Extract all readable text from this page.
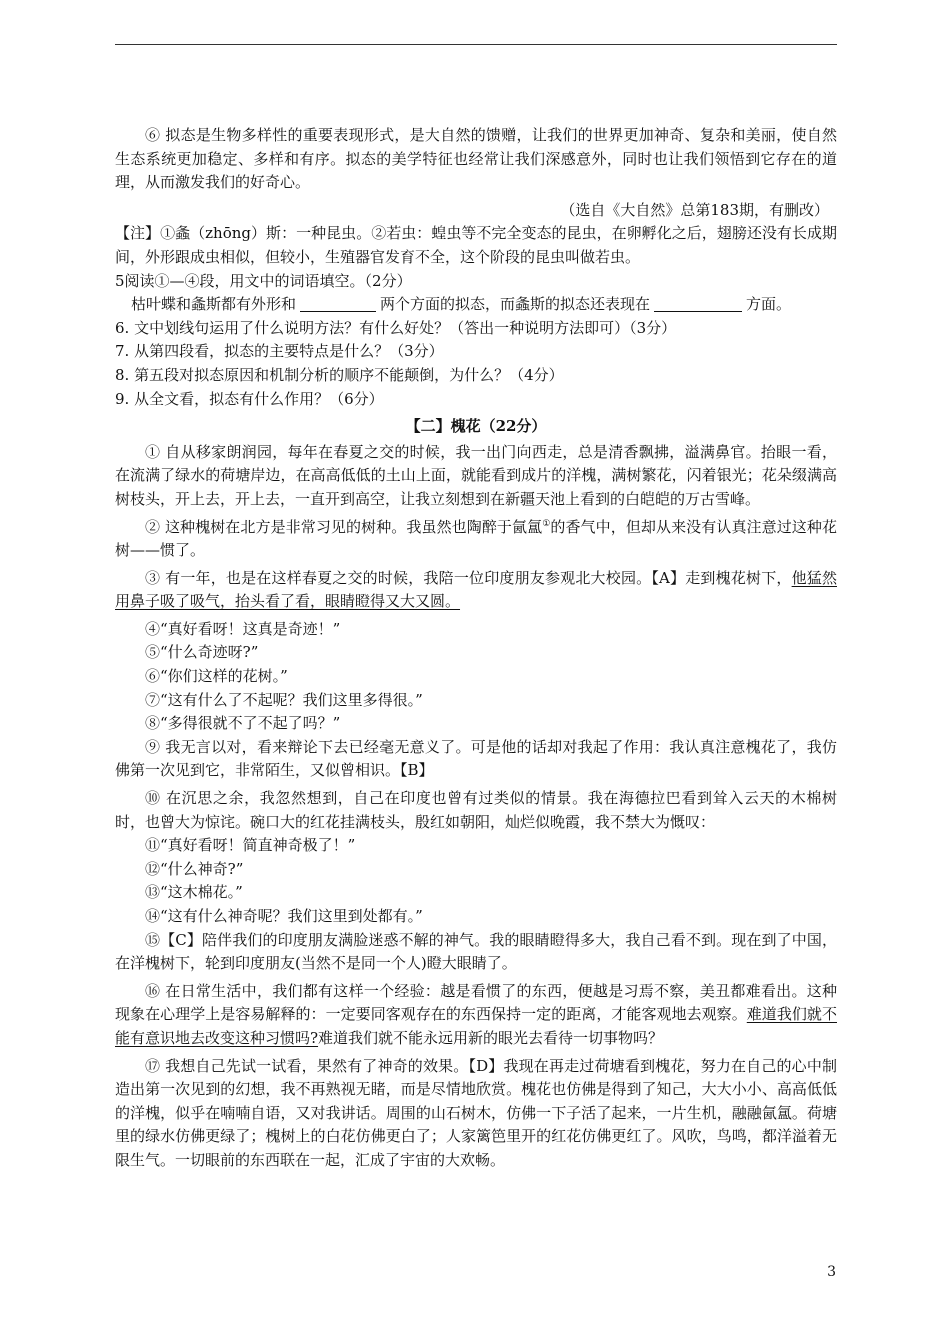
⑥ 拟态是生物多样性的重要表现形式，是大自然的馈赠，让我们的世界更加神奇、复杂和美丽，使自然生态系统更加稳定、多样和有序。拟态的美学特征也经常让我们深感意外，同时也让我们领悟到它存在的道理，从而激发我们的好奇心。

（选自《大自然》总第183期，有删改）

【注】①螽（zhōng）斯：一种昆虫。②若虫：蝗虫等不完全变态的昆虫，在卵孵化之后，翅膀还没有长成期间，外形跟成虫相似，但较小，生殖器官发育不全，这个阶段的昆虫叫做若虫。

5阅读①—④段，用文中的词语填空。（2分）

枯叶蝶和螽斯都有外形和	两个方面的拟态，而螽斯的拟态还表现在	方面。

6. 文中划线句运用了什么说明方法？有什么好处？（答出一种说明方法即可）（3分）

7. 从第四段看，拟态的主要特点是什么？（3分）

8. 第五段对拟态原因和机制分析的顺序不能颠倒，为什么？（4分）

9. 从全文看，拟态有什么作用？（6分）

【二】槐花（22分）

① 自从移家朗润园，每年在春夏之交的时候，我一出门向西走，总是清香飘拂，溢满鼻官。抬眼一看，在流满了绿水的荷塘岸边，在高高低低的土山上面，就能看到成片的洋槐，满树繁花，闪着银光；花朵缀满高树枝头，开上去，开上去，一直开到高空，让我立刻想到在新疆天池上看到的白皑皑的万古雪峰。

② 这种槐树在北方是非常习见的树种。我虽然也陶醉于氤氲①的香气中，但却从来没有认真注意过这种花树——惯了。

③ 有一年，也是在这样春夏之交的时候，我陪一位印度朋友参观北大校园。【A】走到槐花树下，他猛然用鼻子吸了吸气，抬头看了看，眼睛瞪得又大又圆。

④“真好看呀！这真是奇迹！”

⑤“什么奇迹呀?”

⑥“你们这样的花树。”

⑦“这有什么了不起呢？我们这里多得很。”

⑧“多得很就不了不起了吗？”

⑨ 我无言以对，看来辩论下去已经毫无意义了。可是他的话却对我起了作用：我认真注意槐花了，我仿佛第一次见到它，非常陌生，又似曾相识。【B】

⑩ 在沉思之余，我忽然想到，自己在印度也曾有过类似的情景。我在海德拉巴看到耸入云天的木棉树时，也曾大为惊诧。碗口大的红花挂满枝头，殷红如朝阳，灿烂似晚霞，我不禁大为慨叹：

⑪“真好看呀！简直神奇极了！”

⑫“什么神奇?”

⑬“这木棉花。”

⑭“这有什么神奇呢？我们这里到处都有。”

⑮【C】陪伴我们的印度朋友满脸迷惑不解的神气。我的眼睛瞪得多大，我自己看不到。现在到了中国，在洋槐树下，轮到印度朋友(当然不是同一个人)瞪大眼睛了。

⑯ 在日常生活中，我们都有这样一个经验：越是看惯了的东西，便越是习焉不察，美丑都难看出。这种现象在心理学上是容易解释的：一定要同客观存在的东西保持一定的距离，才能客观地去观察。难道我们就不能有意识地去改变这种习惯吗?难道我们就不能永远用新的眼光去看待一切事物吗？

⑰ 我想自己先试一试看，果然有了神奇的效果。【D】我现在再走过荷塘看到槐花，努力在自己的心中制造出第一次见到的幻想，我不再熟视无睹，而是尽情地欣赏。槐花也仿佛是得到了知己，大大小小、高高低低的洋槐，似乎在喃喃自语，又对我讲话。周围的山石树木，仿佛一下子活了起来，一片生机，融融氤氲。荷塘里的绿水仿佛更绿了；槐树上的白花仿佛更白了；人家篱笆里开的红花仿佛更红了。风吹，鸟鸣，都洋溢着无限生气。一切眼前的东西联在一起，汇成了宇宙的大欢畅。

3
